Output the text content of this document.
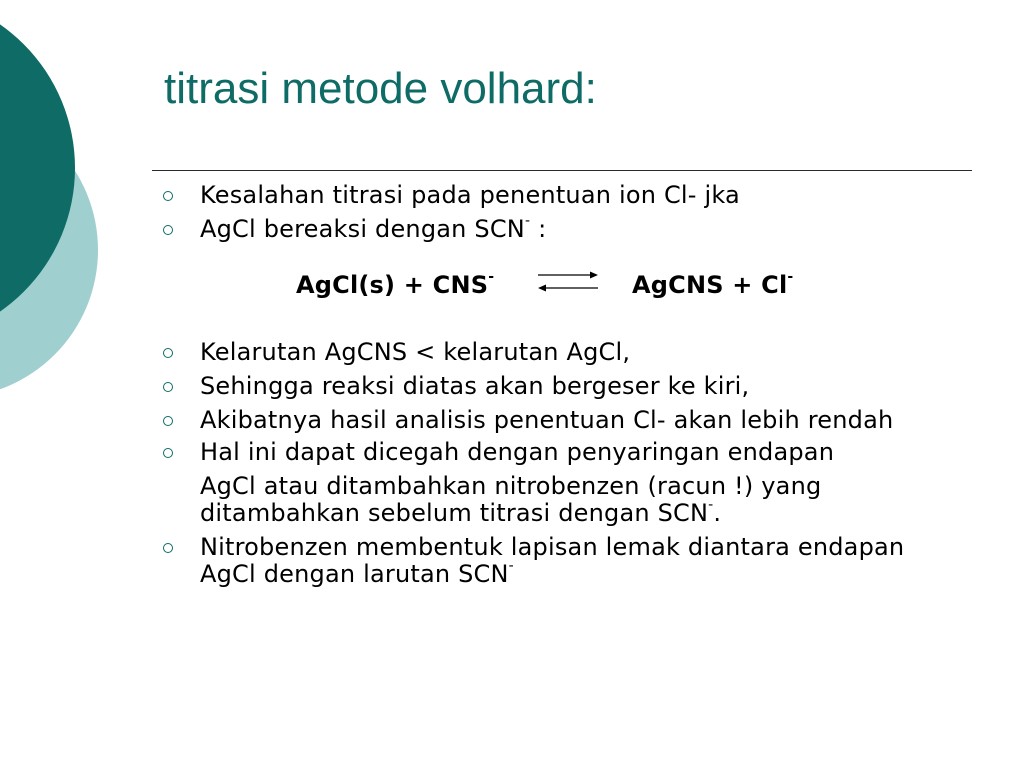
titrasi metode volhard:
Kesalahan titrasi pada penentuan ion Cl- jka
AgCl bereaksi dengan SCN- :
AgCl(s) + CNS- ⇌ AgCNS + Cl-
Kelarutan AgCNS < kelarutan AgCl,
Sehingga reaksi diatas akan bergeser ke kiri,
Akibatnya hasil analisis penentuan Cl- akan lebih rendah
Hal ini dapat dicegah dengan penyaringan endapan
AgCl atau ditambahkan nitrobenzen (racun !) yang ditambahkan sebelum titrasi dengan SCN-.
Nitrobenzen membentuk lapisan lemak diantara endapan AgCl dengan larutan SCN-
